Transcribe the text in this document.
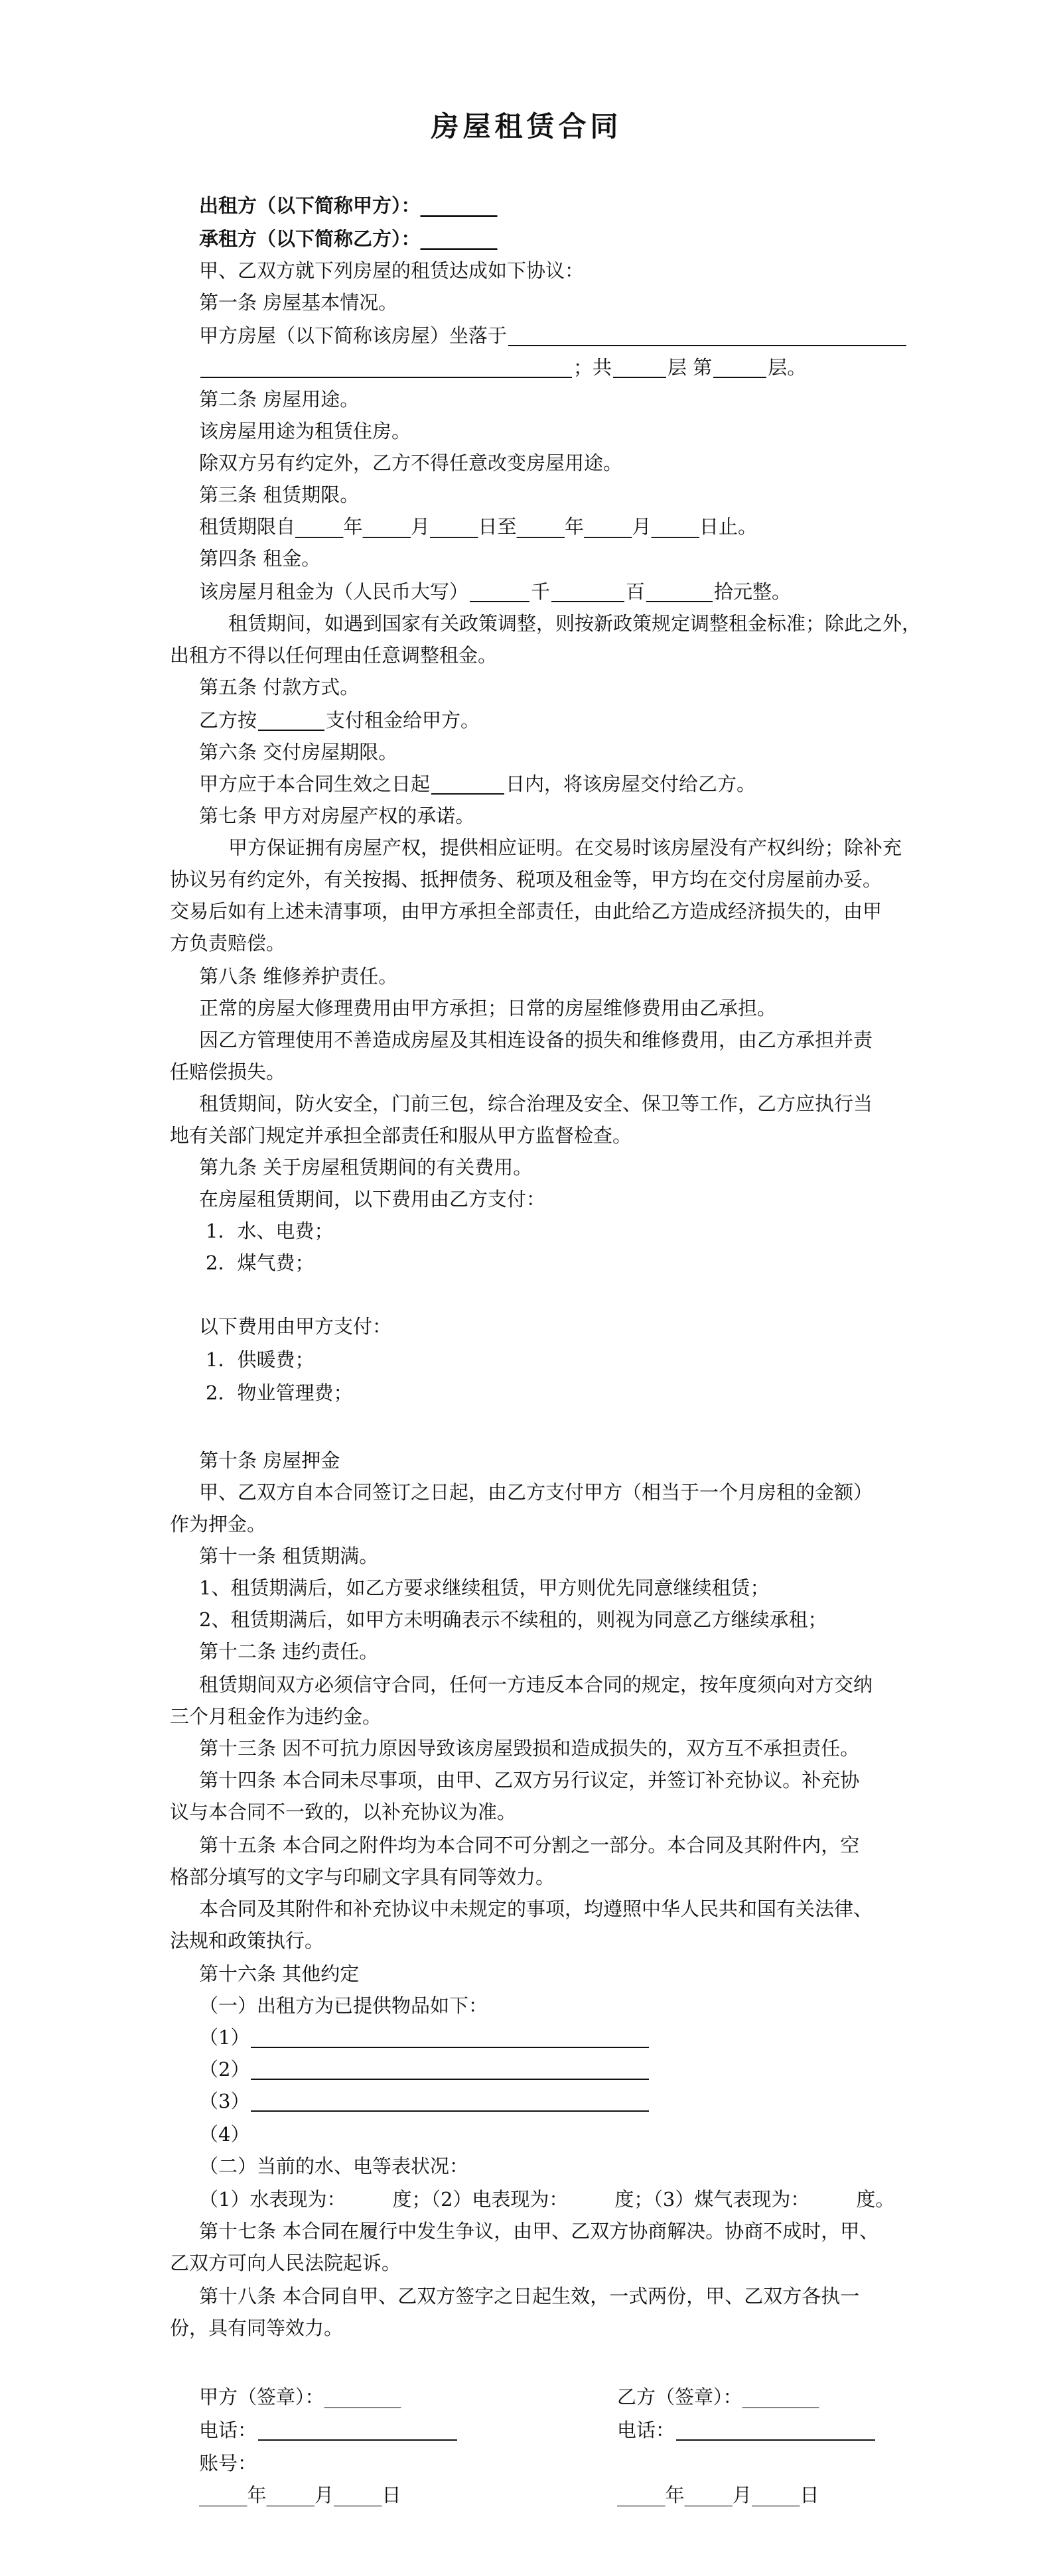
房屋租赁合同
出租方（以下简称甲方）：________
承租方（以下简称乙方）：________
甲、乙双方就下列房屋的租赁达成如下协议：
第一条 房屋基本情况。
甲方房屋（以下简称该房屋）坐落于
；共	层 第	层。
第二条 房屋用途。
该房屋用途为租赁住房。
除双方另有约定外，乙方不得任意改变房屋用途。
第三条 租赁期限。
租赁期限自_____年_____月_____日至_____年_____月_____日止。
第四条 租金。
该房屋月租金为（人民币大写）	千	百	拾元整。
租赁期间，如遇到国家有关政策调整，则按新政策规定调整租金标准；除此之外，
出租方不得以任何理由任意调整租金。
第五条 付款方式。
乙方按	支付租金给甲方。
第六条 交付房屋期限。
甲方应于本合同生效之日起	日内，将该房屋交付给乙方。
第七条 甲方对房屋产权的承诺。
甲方保证拥有房屋产权，提供相应证明。在交易时该房屋没有产权纠纷；除补充
协议另有约定外，有关按揭、抵押债务、税项及租金等，甲方均在交付房屋前办妥。
交易后如有上述未清事项，由甲方承担全部责任，由此给乙方造成经济损失的，由甲
方负责赔偿。
第八条 维修养护责任。
正常的房屋大修理费用由甲方承担；日常的房屋维修费用由乙承担。
因乙方管理使用不善造成房屋及其相连设备的损失和维修费用，由乙方承担并责
任赔偿损失。
租赁期间，防火安全，门前三包，综合治理及安全、保卫等工作，乙方应执行当
地有关部门规定并承担全部责任和服从甲方监督检查。
第九条 关于房屋租赁期间的有关费用。
在房屋租赁期间，以下费用由乙方支付：
1．水、电费；
2．煤气费；
以下费用由甲方支付：
1．供暖费；
2．物业管理费；
第十条 房屋押金
甲、乙双方自本合同签订之日起，由乙方支付甲方（相当于一个月房租的金额）
作为押金。
第十一条 租赁期满。
1、租赁期满后，如乙方要求继续租赁，甲方则优先同意继续租赁；
2、租赁期满后，如甲方未明确表示不续租的，则视为同意乙方继续承租；
第十二条 违约责任。
租赁期间双方必须信守合同，任何一方违反本合同的规定，按年度须向对方交纳
三个月租金作为违约金。
第十三条 因不可抗力原因导致该房屋毁损和造成损失的，双方互不承担责任。
第十四条 本合同未尽事项，由甲、乙双方另行议定，并签订补充协议。补充协
议与本合同不一致的，以补充协议为准。
第十五条 本合同之附件均为本合同不可分割之一部分。本合同及其附件内，空
格部分填写的文字与印刷文字具有同等效力。
本合同及其附件和补充协议中未规定的事项，均遵照中华人民共和国有关法律、
法规和政策执行。
第十六条 其他约定
（一）出租方为已提供物品如下：
（1）
（2）
（3）
（4）
（二）当前的水、电等表状况：
（1）水表现为： 度；（2）电表现为： 度；（3）煤气表现为： 度。
第十七条 本合同在履行中发生争议，由甲、乙双方协商解决。协商不成时，甲、
乙双方可向人民法院起诉。
第十八条 本合同自甲、乙双方签字之日起生效，一式两份，甲、乙双方各执一
份，具有同等效力。
甲方（签章）：________	乙方（签章）：________
电话：	电话：
账号：
_____年_____月_____日	_____年_____月_____日
